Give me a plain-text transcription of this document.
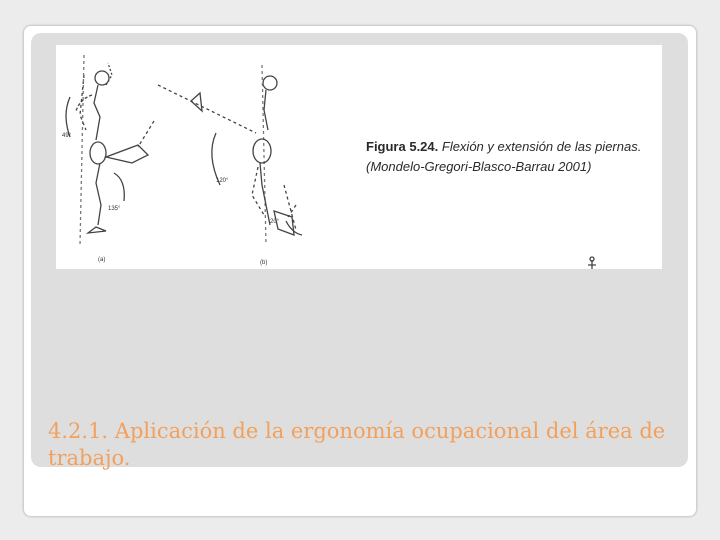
49°
135°
120°
20°
(a)	(b)
Figura 5.24. Flexión y extensión de las piernas.
(Mondelo-Gregori-Blasco-Barrau 2001)
4.2.1. Aplicación de la ergonomía ocupacional del área de trabajo.
